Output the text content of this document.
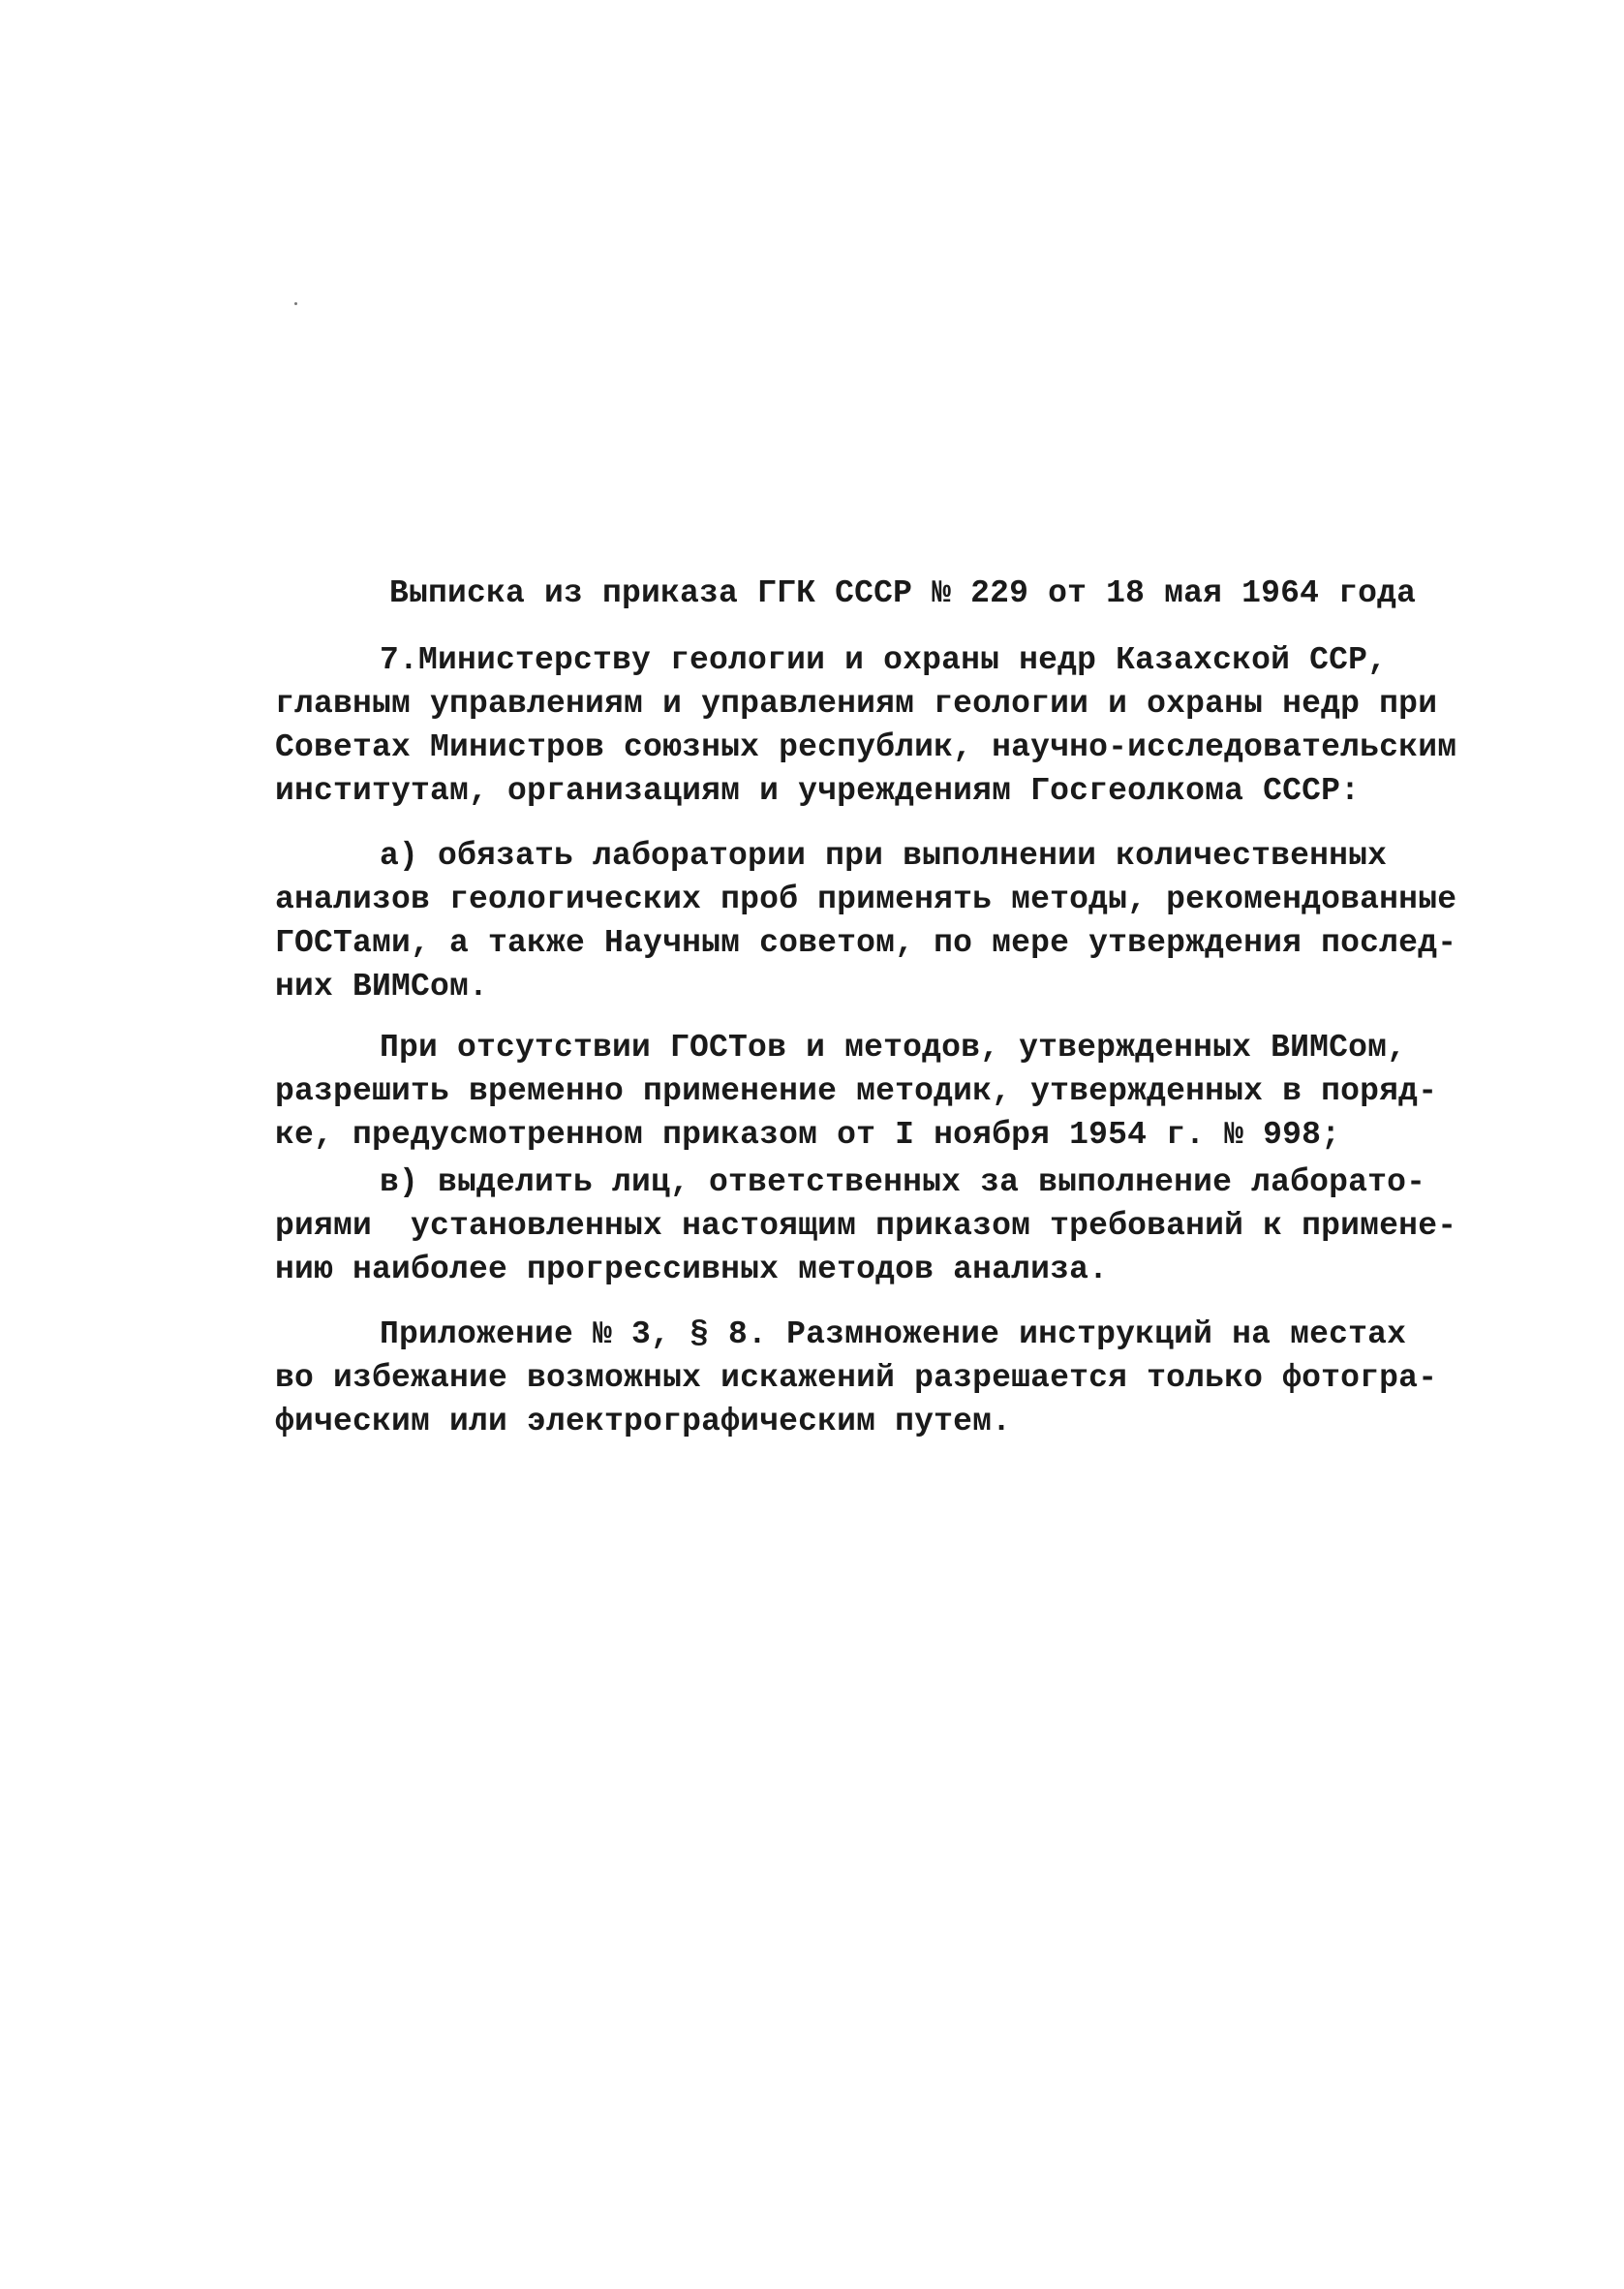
Выписка из приказа ГГК СССР № 229 от 18 мая 1964 года
7.Министерству геологии и охраны недр Казахской ССР,
главным управлениям и управлениям геологии и охраны недр при
Советах Министров союзных республик, научно-исследовательским
институтам, организациям и учреждениям Госгеолкома СССР:
а) обязать лаборатории при выполнении количественных
анализов геологических проб применять методы, рекомендованные
ГОСТами, а также Научным советом, по мере утверждения послед-
них ВИМСом.
При отсутствии ГОСТов и методов, утвержденных ВИМСом,
разрешить временно применение методик, утвержденных в поряд-
ке, предусмотренном приказом от I ноября 1954 г. № 998;
в) выделить лиц, ответственных за выполнение лаборато-
риями  установленных настоящим приказом требований к примене-
нию наиболее прогрессивных методов анализа.
Приложение № 3, § 8. Размножение инструкций на местах
во избежание возможных искажений разрешается только фотогра-
фическим или электрографическим путем.
